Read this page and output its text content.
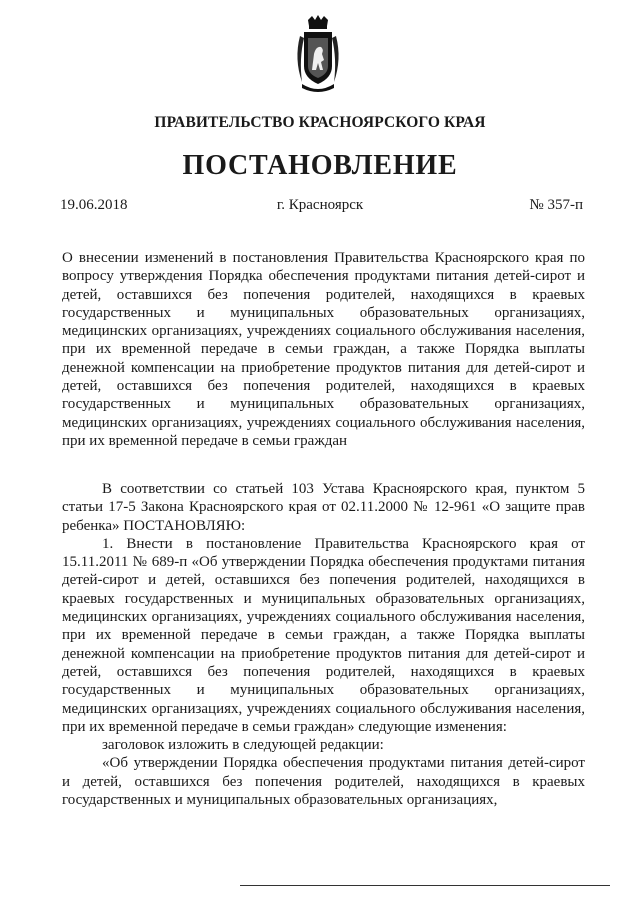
ПРАВИТЕЛЬСТВО КРАСНОЯРСКОГО КРАЯ
ПОСТАНОВЛЕНИЕ
19.06.2018	г. Красноярск	№ 357-п
О внесении изменений в постановления Правительства Красноярского края по вопросу утверждения Порядка обеспечения продуктами питания детей-сирот и детей, оставшихся без попечения родителей, находящихся в краевых государственных и муниципальных образовательных организациях, медицинских организациях, учреждениях социального обслуживания населения, при их временной передаче в семьи граждан, а также Порядка выплаты денежной компенсации на приобретение продуктов питания для детей-сирот и детей, оставшихся без попечения родителей, находящихся в краевых государственных и муниципальных образовательных организациях, медицинских организациях, учреждениях социального обслуживания населения, при их временной передаче в семьи граждан

В соответствии со статьей 103 Устава Красноярского края, пунктом 5 статьи 17-5 Закона Красноярского края от 02.11.2000 № 12-961 «О защите прав ребенка» ПОСТАНОВЛЯЮ:

1. Внести в постановление Правительства Красноярского края от 15.11.2011 № 689-п «Об утверждении Порядка обеспечения продуктами питания детей-сирот и детей, оставшихся без попечения родителей, находящихся в краевых государственных и муниципальных образовательных организациях, медицинских организациях, учреждениях социального обслуживания населения, при их временной передаче в семьи граждан, а также Порядка выплаты денежной компенсации на приобретение продуктов питания для детей-сирот и детей, оставшихся без попечения родителей, находящихся в краевых государственных и муниципальных образовательных организациях, медицинских организациях, учреждениях социального обслуживания населения, при их временной передаче в семьи граждан» следующие изменения:

заголовок изложить в следующей редакции:

«Об утверждении Порядка обеспечения продуктами питания детей-сирот и детей, оставшихся без попечения родителей, находящихся в краевых государственных и муниципальных образовательных организациях,
